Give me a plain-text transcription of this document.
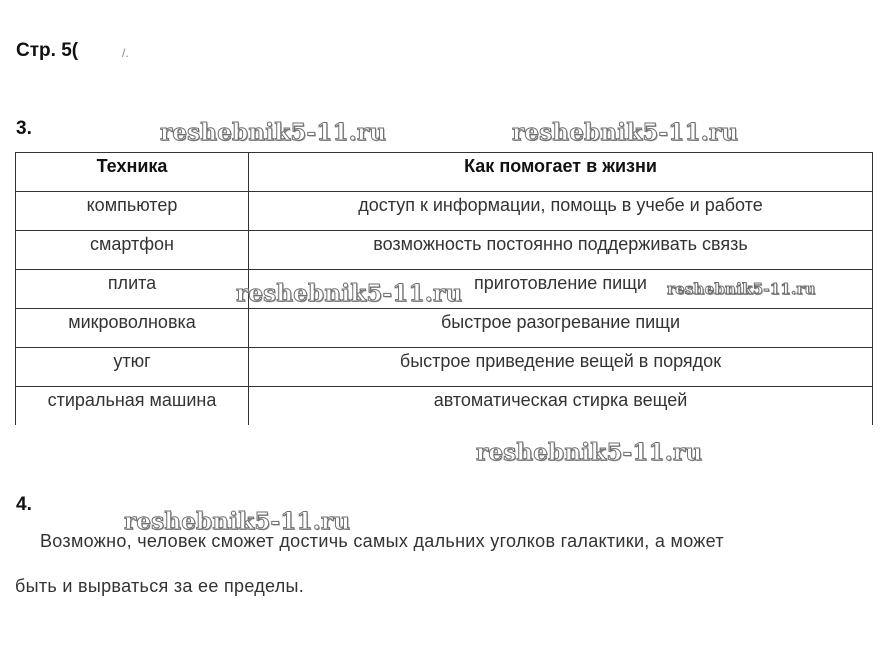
Стр. 5(	/.
3.
Техника	Как помогает в жизни
компьютер	доступ к информации, помощь в учебе и работе
смартфон	возможность постоянно поддерживать связь
плита	приготовление пищи
микроволновка	быстрое разогревание пищи
утюг	быстрое приведение вещей в порядок
стиральная машина	автоматическая стирка вещей
4.
Возможно, человек сможет достичь самых дальних уголков галактики, а может
быть и вырваться за ее пределы.
reshebnik5-11.ru	reshebnik5-11.ru
reshebnik5-11.ru	reshebnik5-11.ru
reshebnik5-11.ru
reshebnik5-11.ru
